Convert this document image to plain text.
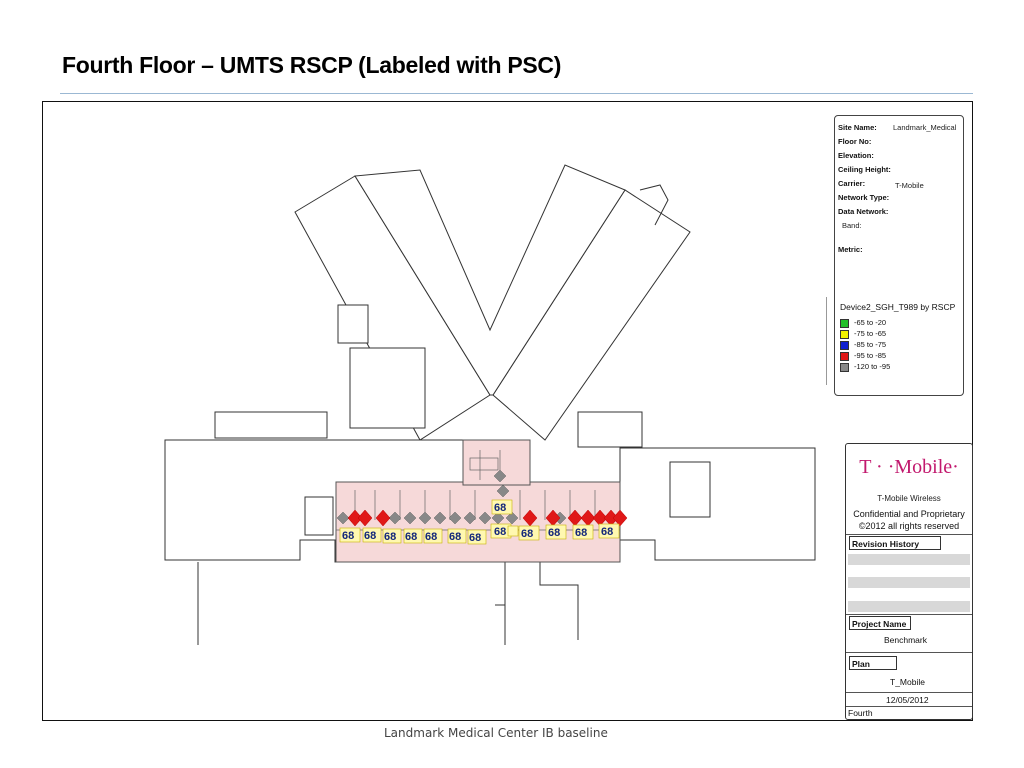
Fourth Floor – UMTS RSCP (Labeled with PSC)
68 68 68 68 68 68 68
68
68 68 68 68 68
Site Name: Landmark_Medical
Floor No:
Elevation:
Ceiling Height:
Carrier:	T-Mobile
Network Type:
Data Network:
Band:
Metric:
Device2_SGH_T989 by RSCP
-65 to -20
-75 to -65
-85 to -75
-95 to -85
-120 to -95
T · ·Mobile·
T-Mobile Wireless
Confidential and Proprietary
©2012 all rights reserved
Revision History
Project Name
Benchmark
Plan
T_Mobile
12/05/2012
Fourth
Landmark Medical Center IB baseline
